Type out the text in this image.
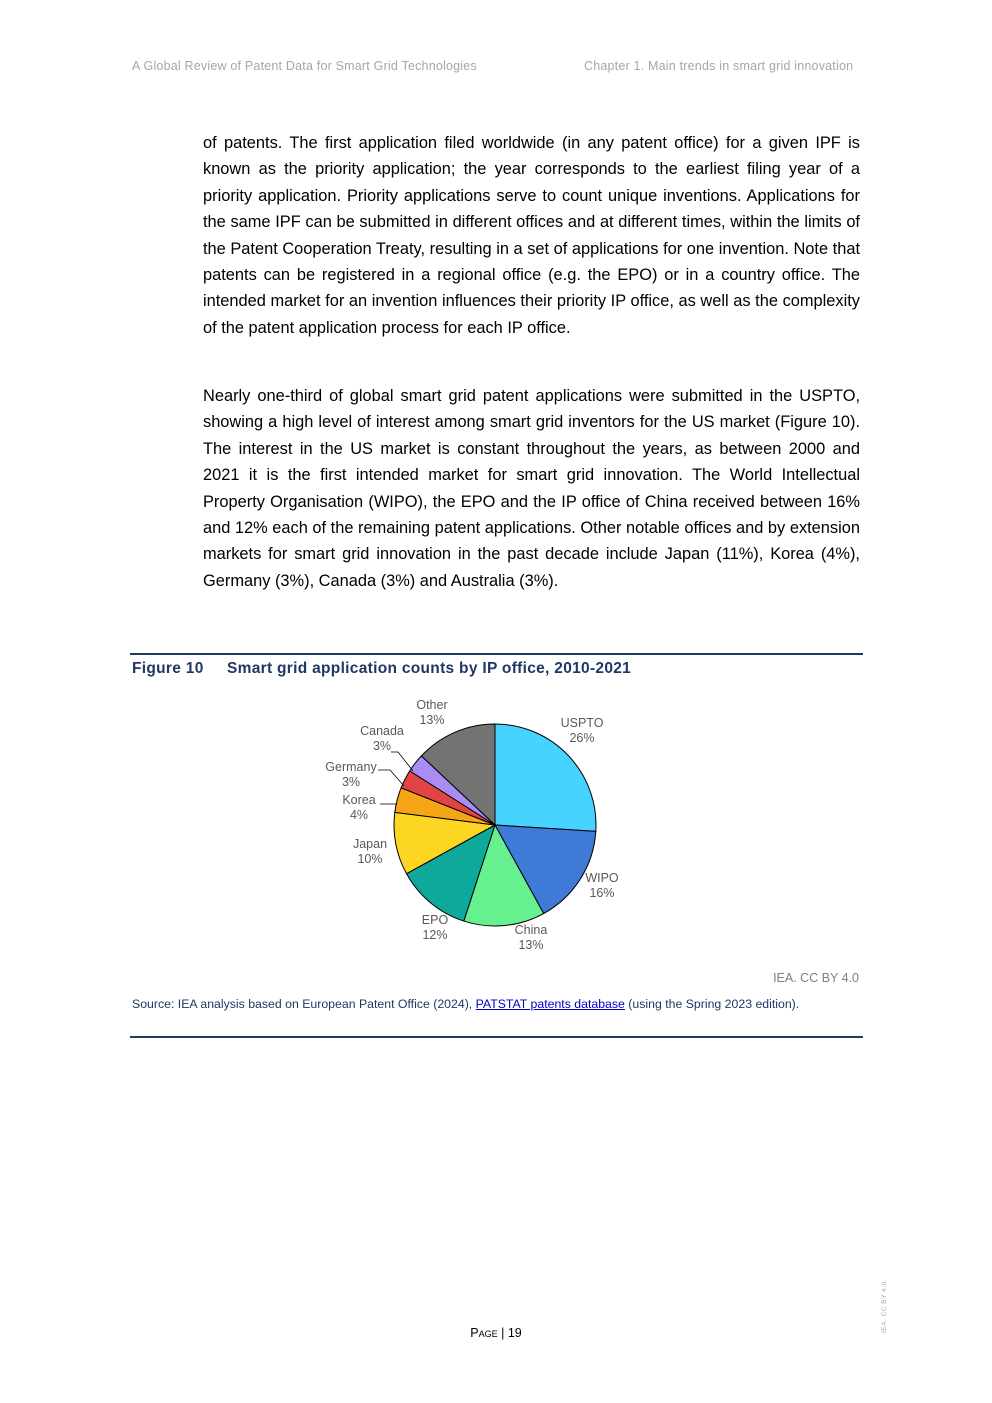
A Global Review of Patent Data for Smart Grid Technologies	Chapter 1. Main trends in smart grid innovation
of patents. The first application filed worldwide (in any patent office) for a given IPF is known as the priority application; the year corresponds to the earliest filing year of a priority application. Priority applications serve to count unique inventions. Applications for the same IPF can be submitted in different offices and at different times, within the limits of the Patent Cooperation Treaty, resulting in a set of applications for one invention. Note that patents can be registered in a regional office (e.g. the EPO) or in a country office. The intended market for an invention influences their priority IP office, as well as the complexity of the patent application process for each IP office.
Nearly one-third of global smart grid patent applications were submitted in the USPTO, showing a high level of interest among smart grid inventors for the US market (Figure 10). The interest in the US market is constant throughout the years, as between 2000 and 2021 it is the first intended market for smart grid innovation. The World Intellectual Property Organisation (WIPO), the EPO and the IP office of China received between 16% and 12% each of the remaining patent applications. Other notable offices and by extension markets for smart grid innovation in the past decade include Japan (11%), Korea (4%), Germany (3%), Canada (3%) and Australia (3%).
Figure 10 Smart grid application counts by IP office, 2010-2021
USPTO 26%
WIPO 16%
China 13%
EPO 12%
Japan 10%
Korea 4%
Germany 3%
Canada 3%
Other 13%
IEA. CC BY 4.0
Source: IEA analysis based on European Patent Office (2024), PATSTAT patents database (using the Spring 2023 edition).
Page | 19	IEA. CC BY 4.0.
